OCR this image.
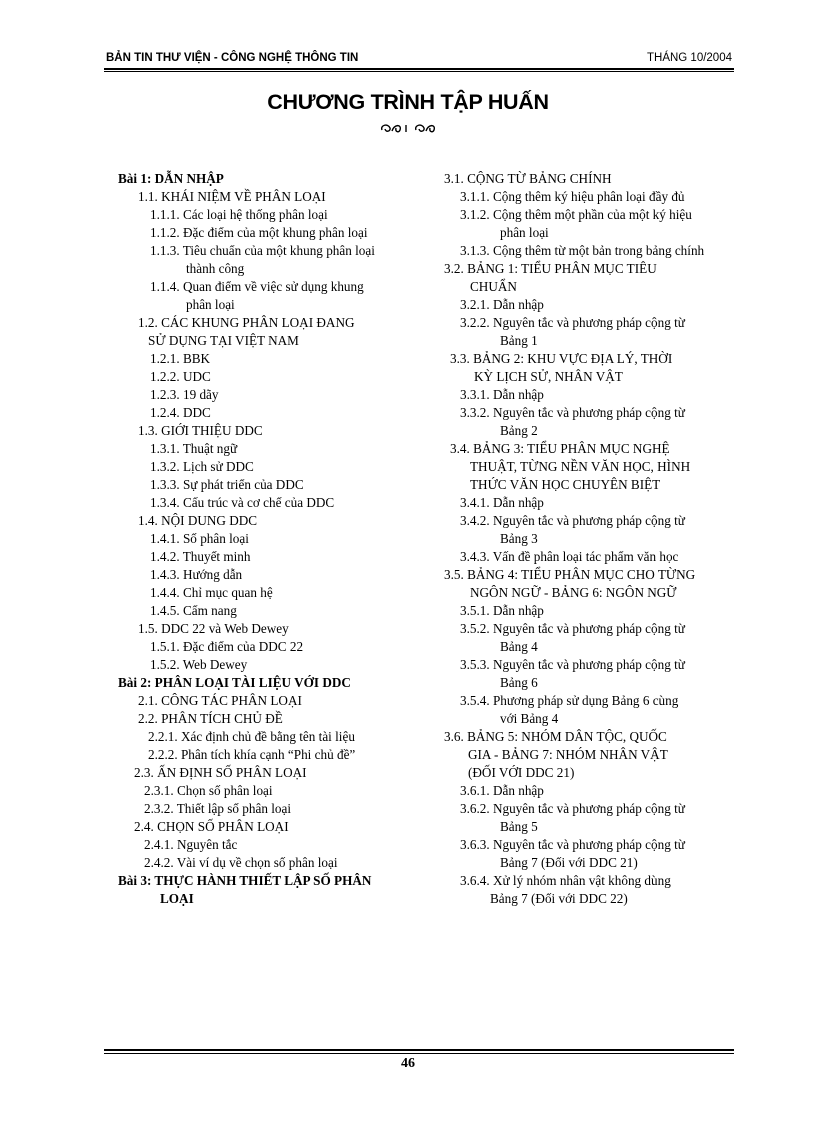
BẢN TIN THƯ VIỆN - CÔNG NGHỆ THÔNG TIN	THÁNG 10/2004
CHƯƠNG TRÌNH TẬP HUẤN
Bài 1: DẪN NHẬP
1.1. KHÁI NIỆM VỀ PHÂN LOẠI
1.1.1. Các loại hệ thống phân loại
1.1.2. Đặc điểm của một khung phân loại
1.1.3. Tiêu chuẩn của một khung phân loại
thành công
1.1.4. Quan điểm về việc sử dụng khung
phân loại
1.2. CÁC KHUNG PHÂN LOẠI ĐANG
SỬ DỤNG TẠI VIỆT NAM
1.2.1. BBK
1.2.2. UDC
1.2.3. 19 dãy
1.2.4. DDC
1.3. GIỚI THIỆU DDC
1.3.1. Thuật ngữ
1.3.2. Lịch sử DDC
1.3.3. Sự phát triển của DDC
1.3.4. Cấu trúc và cơ chế của DDC
1.4. NỘI DUNG DDC
1.4.1. Số phân loại
1.4.2. Thuyết minh
1.4.3. Hướng dẫn
1.4.4. Chỉ mục quan hệ
1.4.5. Cẩm nang
1.5. DDC 22 và Web Dewey
1.5.1. Đặc điểm của DDC 22
1.5.2. Web Dewey
Bài 2: PHÂN LOẠI TÀI LIỆU VỚI DDC
2.1. CÔNG TÁC PHÂN LOẠI
2.2. PHÂN TÍCH CHỦ ĐỀ
2.2.1. Xác định chủ đề bằng tên tài liệu
2.2.2. Phân tích khía cạnh “Phi chủ đề”
2.3. ẤN ĐỊNH SỐ PHÂN LOẠI
2.3.1. Chọn số phân loại
2.3.2. Thiết lập số phân loại
2.4. CHỌN SỐ PHÂN LOẠI
2.4.1. Nguyên tắc
2.4.2. Vài ví dụ về chọn số phân loại
Bài 3: THỰC HÀNH THIẾT LẬP SỐ PHÂN
LOẠI
3.1. CỘNG TỪ BẢNG CHÍNH
3.1.1. Cộng thêm ký hiệu phân loại đầy đủ
3.1.2. Cộng thêm một phần của một ký hiệu
phân loại
3.1.3. Cộng thêm từ một bản trong bảng chính
3.2. BẢNG 1: TIỂU PHÂN MỤC TIÊU
CHUẨN
3.2.1. Dẫn nhập
3.2.2. Nguyên tắc và phương pháp cộng từ
Bảng 1
3.3. BẢNG 2: KHU VỰC ĐỊA LÝ, THỜI
KỲ LỊCH SỬ, NHÂN VẬT
3.3.1. Dẫn nhập
3.3.2. Nguyên tắc và phương pháp cộng từ
Bảng 2
3.4. BẢNG 3: TIỂU PHÂN MỤC NGHỆ
THUẬT, TỪNG NỀN VĂN HỌC, HÌNH
THỨC VĂN HỌC CHUYÊN BIỆT
3.4.1. Dẫn nhập
3.4.2. Nguyên tắc và phương pháp cộng từ
Bảng 3
3.4.3. Vấn đề phân loại tác phẩm văn học
3.5. BẢNG 4: TIỂU PHÂN MỤC CHO TỪNG
NGÔN NGỮ - BẢNG 6: NGÔN NGỮ
3.5.1. Dẫn nhập
3.5.2. Nguyên tắc và phương pháp cộng từ
Bảng 4
3.5.3. Nguyên tắc và phương pháp cộng từ
Bảng 6
3.5.4. Phương pháp sử dụng Bảng 6 cùng
với Bảng 4
3.6. BẢNG 5: NHÓM DÂN TỘC, QUỐC
GIA - BẢNG 7: NHÓM NHÂN VẬT
(ĐỐI VỚI DDC 21)
3.6.1. Dẫn nhập
3.6.2. Nguyên tắc và phương pháp cộng từ
Bảng 5
3.6.3. Nguyên tắc và phương pháp cộng từ
Bảng 7 (Đối với DDC 21)
3.6.4. Xử lý nhóm nhân vật không dùng
Bảng 7 (Đối với DDC 22)
46
